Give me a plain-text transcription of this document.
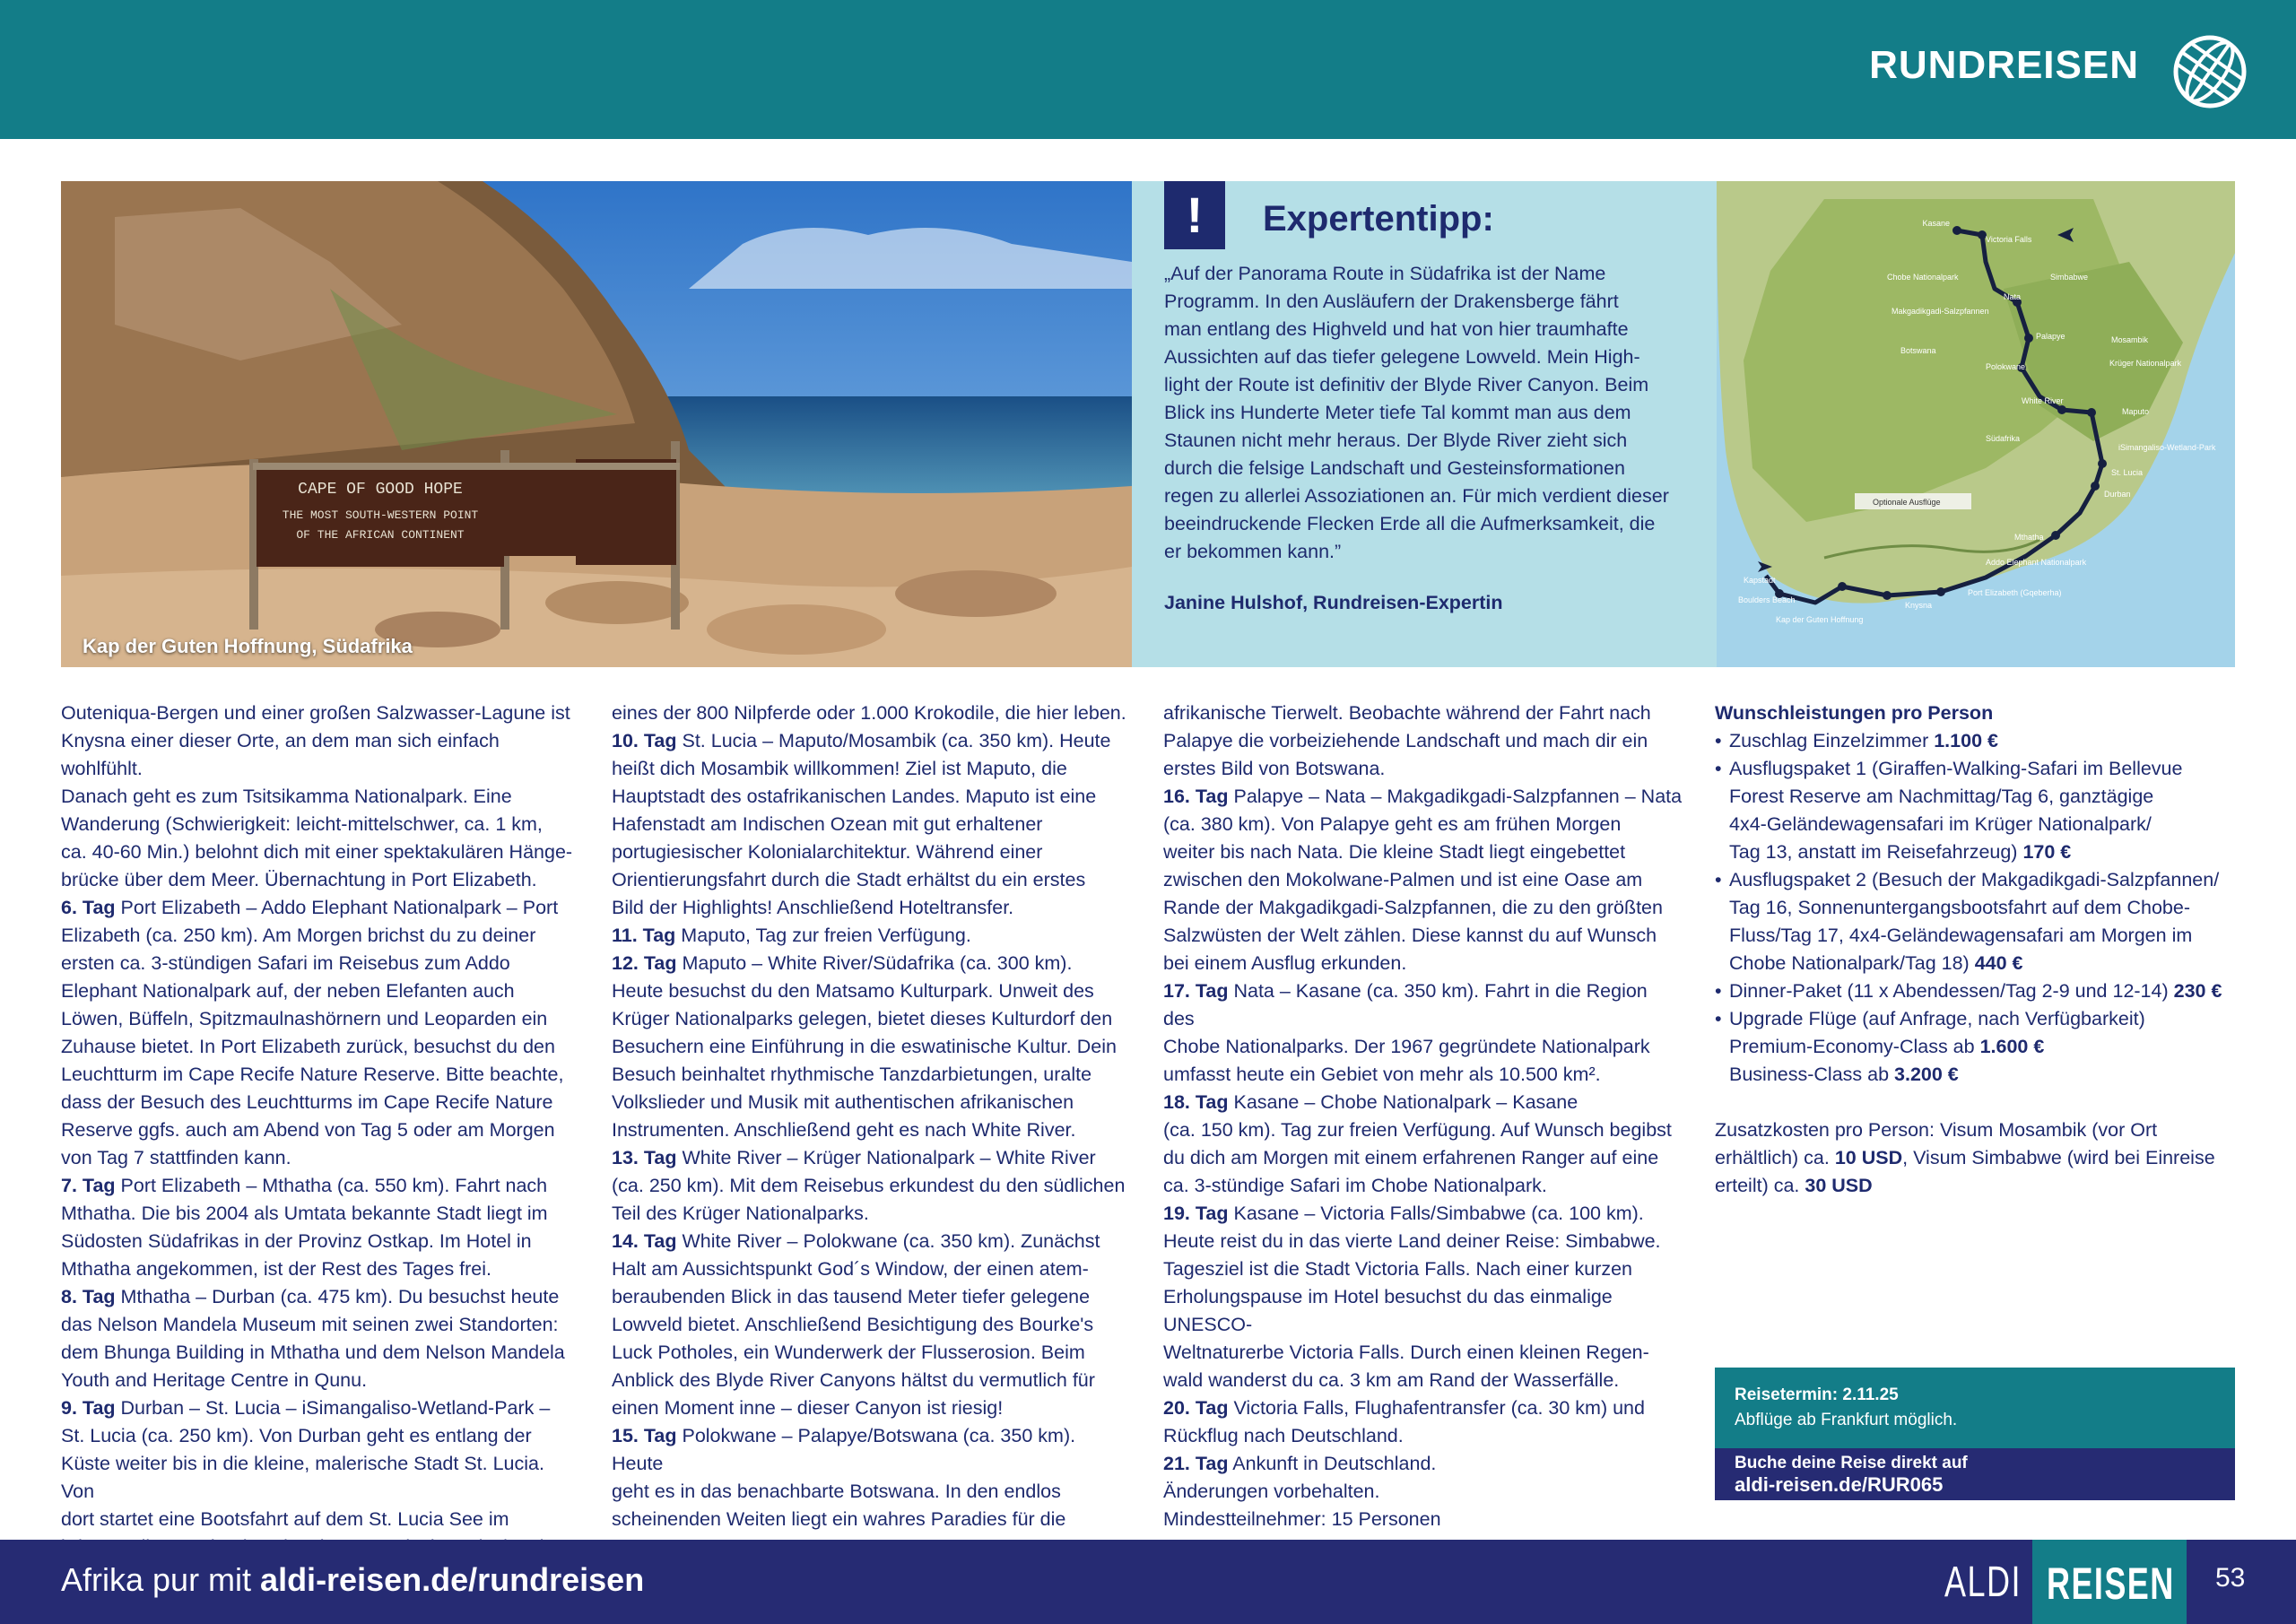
RUNDREISEN
CAPE OF GOOD HOPE
THE MOST SOUTH-WESTERN POINT
OF THE AFRICAN CONTINENT
Kap der Guten Hoffnung, Südafrika
!	Expertentipp:
„Auf der Panorama Route in Südafrika ist der Name
Programm. In den Ausläufern der Drakensberge fährt
man entlang des Highveld und hat von hier traumhafte
Aussichten auf das tiefer gelegene Lowveld. Mein High-
light der Route ist definitiv der Blyde River Canyon. Beim
Blick ins Hunderte Meter tiefe Tal kommt man aus dem
Staunen nicht mehr heraus. Der Blyde River zieht sich
durch die felsige Landschaft und Gesteinsformationen
regen zu allerlei Assoziationen an. Für mich verdient dieser
beeindruckende Flecken Erde all die Aufmerksamkeit, die
er bekommen kann.”
Janine Hulshof, Rundreisen-Expertin
Kasane
Victoria Falls
Chobe Nationalpark
Nata
Simbabwe
Makgadikgadi-Salzpfannen
Botswana
Palapye
Polokwane
Mosambik
Krüger Nationalpark
White River
Maputo
Südafrika
iSimangaliso-Wetland-Park
St. Lucia
Durban
Mthatha
Addo Elephant Nationalpark
Kapstadt
Boulders Beach
Kap der Guten Hoffnung
Knysna
Port Elizabeth (Gqeberha)
Optionale Ausflüge

Outeniqua-Bergen und einer großen Salzwasser-Lagune ist
Knysna einer dieser Orte, an dem man sich einfach wohlfühlt.
Danach geht es zum Tsitsikamma Nationalpark. Eine
Wanderung (Schwierigkeit: leicht-mittelschwer, ca. 1 km,
ca. 40-60 Min.) belohnt dich mit einer spektakulären Hänge-
brücke über dem Meer. Übernachtung in Port Elizabeth.
6. Tag Port Elizabeth – Addo Elephant Nationalpark – Port
Elizabeth (ca. 250 km). Am Morgen brichst du zu deiner
ersten ca. 3-stündigen Safari im Reisebus zum Addo
Elephant Nationalpark auf, der neben Elefanten auch
Löwen, Büffeln, Spitzmaulnashörnern und Leoparden ein
Zuhause bietet. In Port Elizabeth zurück, besuchst du den
Leuchtturm im Cape Recife Nature Reserve. Bitte beachte,
dass der Besuch des Leuchtturms im Cape Recife Nature
Reserve ggfs. auch am Abend von Tag 5 oder am Morgen
von Tag 7 stattfinden kann.
7. Tag Port Elizabeth – Mthatha (ca. 550 km). Fahrt nach
Mthatha. Die bis 2004 als Umtata bekannte Stadt liegt im
Südosten Südafrikas in der Provinz Ostkap. Im Hotel in
Mthatha angekommen, ist der Rest des Tages frei.
8. Tag Mthatha – Durban (ca. 475 km). Du besuchst heute
das Nelson Mandela Museum mit seinen zwei Standorten:
dem Bhunga Building in Mthatha und dem Nelson Mandela
Youth and Heritage Centre in Qunu.
9. Tag Durban – St. Lucia – iSimangaliso-Wetland-Park –
St. Lucia (ca. 250 km). Von Durban geht es entlang der
Küste weiter bis in die kleine, malerische Stadt St. Lucia. Von
dort startet eine Bootsfahrt auf dem St. Lucia See im

eines der 800 Nilpferde oder 1.000 Krokodile, die hier leben.
10. Tag St. Lucia – Maputo/Mosambik (ca. 350 km). Heute
heißt dich Mosambik willkommen! Ziel ist Maputo, die
Hauptstadt des ostafrikanischen Landes. Maputo ist eine
Hafenstadt am Indischen Ozean mit gut erhaltener
portugiesischer Kolonialarchitektur. Während einer
Orientierungsfahrt durch die Stadt erhältst du ein erstes
Bild der Highlights! Anschließend Hoteltransfer.
11. Tag Maputo, Tag zur freien Verfügung.
12. Tag Maputo – White River/Südafrika (ca. 300 km).
Heute besuchst du den Matsamo Kulturpark. Unweit des
Krüger Nationalparks gelegen, bietet dieses Kulturdorf den
Besuchern eine Einführung in die eswatinische Kultur. Dein
Besuch beinhaltet rhythmische Tanzdarbietungen, uralte
Volkslieder und Musik mit authentischen afrikanischen
Instrumenten. Anschließend geht es nach White River.
13. Tag White River – Krüger Nationalpark – White River
(ca. 250 km). Mit dem Reisebus erkundest du den südlichen
Teil des Krüger Nationalparks.
14. Tag White River – Polokwane (ca. 350 km). Zunächst
Halt am Aussichtspunkt God´s Window, der einen atem-
beraubenden Blick in das tausend Meter tiefer gelegene
Lowveld bietet. Anschließend Besichtigung des Bourke's
Luck Potholes, ein Wunderwerk der Flusserosion. Beim
Anblick des Blyde River Canyons hältst du vermutlich für
einen Moment inne – dieser Canyon ist riesig!
15. Tag Polokwane – Palapye/Botswana (ca. 350 km). Heute
geht es in das benachbarte Botswana. In den endlos
scheinenden Weiten liegt ein wahres Paradies für die

afrikanische Tierwelt. Beobachte während der Fahrt nach
Palapye die vorbeiziehende Landschaft und mach dir ein
erstes Bild von Botswana.
16. Tag Palapye – Nata – Makgadikgadi-Salzpfannen – Nata
(ca. 380 km). Von Palapye geht es am frühen Morgen
weiter bis nach Nata. Die kleine Stadt liegt eingebettet
zwischen den Mokolwane-Palmen und ist eine Oase am
Rande der Makgadikgadi-Salzpfannen, die zu den größten
Salzwüsten der Welt zählen. Diese kannst du auf Wunsch
bei einem Ausflug erkunden.
17. Tag Nata – Kasane (ca. 350 km). Fahrt in die Region des
Chobe Nationalparks. Der 1967 gegründete Nationalpark
umfasst heute ein Gebiet von mehr als 10.500 km².
18. Tag Kasane – Chobe Nationalpark – Kasane
(ca. 150 km). Tag zur freien Verfügung. Auf Wunsch begibst
du dich am Morgen mit einem erfahrenen Ranger auf eine
ca. 3-stündige Safari im Chobe Nationalpark.
19. Tag Kasane – Victoria Falls/Simbabwe (ca. 100 km).
Heute reist du in das vierte Land deiner Reise: Simbabwe.
Tagesziel ist die Stadt Victoria Falls. Nach einer kurzen
Erholungspause im Hotel besuchst du das einmalige UNESCO-
Weltnaturerbe Victoria Falls. Durch einen kleinen Regen-
wald wanderst du ca. 3 km am Rand der Wasserfälle.
20. Tag Victoria Falls, Flughafentransfer (ca. 30 km) und
Rückflug nach Deutschland.
21. Tag Ankunft in Deutschland.
Änderungen vorbehalten.
Mindestteilnehmer: 15 Personen

Wunschleistungen pro Person
• Zuschlag Einzelzimmer 1.100 €
• Ausflugspaket 1 (Giraffen-Walking-Safari im Bellevue
Forest Reserve am Nachmittag/Tag 6, ganztägige
4x4-Geländewagensafari im Krüger Nationalpark/
Tag 13, anstatt im Reisefahrzeug) 170 €
• Ausflugspaket 2 (Besuch der Makgadikgadi-Salzpfannen/
Tag 16, Sonnenuntergangsbootsfahrt auf dem Chobe-
Fluss/Tag 17, 4x4-Geländewagensafari am Morgen im
Chobe Nationalpark/Tag 18) 440 €
• Dinner-Paket (11 x Abendessen/Tag 2-9 und 12-14) 230 €
• Upgrade Flüge (auf Anfrage, nach Verfügbarkeit)
Premium-Economy-Class ab 1.600 €
Business-Class ab 3.200 €

Zusatzkosten pro Person: Visum Mosambik (vor Ort
erhältlich) ca. 10 USD, Visum Simbabwe (wird bei Einreise
erteilt) ca. 30 USD

Reisetermin: 2.11.25
Abflüge ab Frankfurt möglich.
Buche deine Reise direkt auf
aldi-reisen.de/RUR065
Afrika pur mit aldi-reisen.de/rundreisen	ALDI REISEN 53
